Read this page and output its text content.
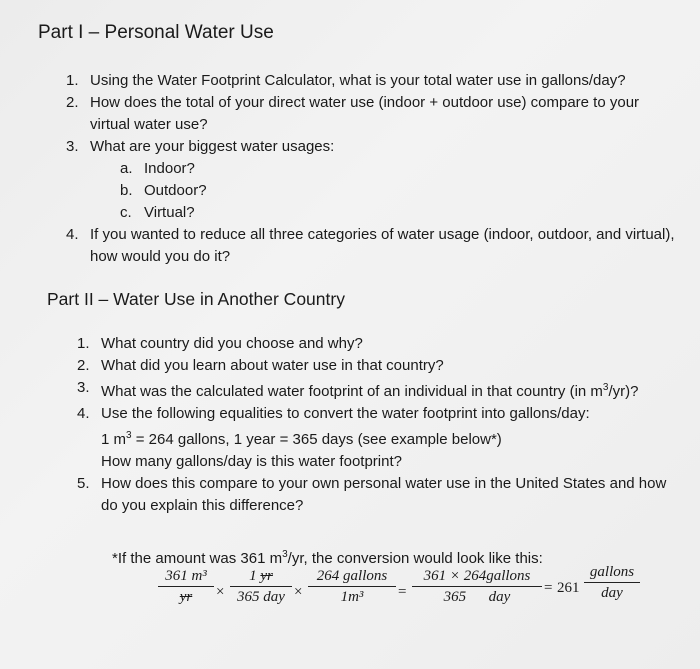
Part I – Personal Water Use
1. Using the Water Footprint Calculator, what is your total water use in gallons/day?
2. How does the total of your direct water use (indoor + outdoor use) compare to your virtual water use?
3. What are your biggest water usages:
a. Indoor?
b. Outdoor?
c. Virtual?
4. If you wanted to reduce all three categories of water usage (indoor, outdoor, and virtual), how would you do it?
Part II – Water Use in Another Country
1. What country did you choose and why?
2. What did you learn about water use in that country?
3. What was the calculated water footprint of an individual in that country (in $m^3/yr$)?
4. Use the following equalities to convert the water footprint into gallons/day:
1 $m^3 = 264$ gallons, 1 year = 365 days (see example below*)
How many gallons/day is this water footprint?
5. How does this compare to your own personal water use in the United States and how do you explain this difference?
*If the amount was 361 $m^3/yr$, the conversion would look like this:
$\frac{\text{361 m³}}{yr}$ ×
1 yr
365 day ×
264 gallons
1m³	=
361 × 264gallons
365 day
= 261
gallons
day
